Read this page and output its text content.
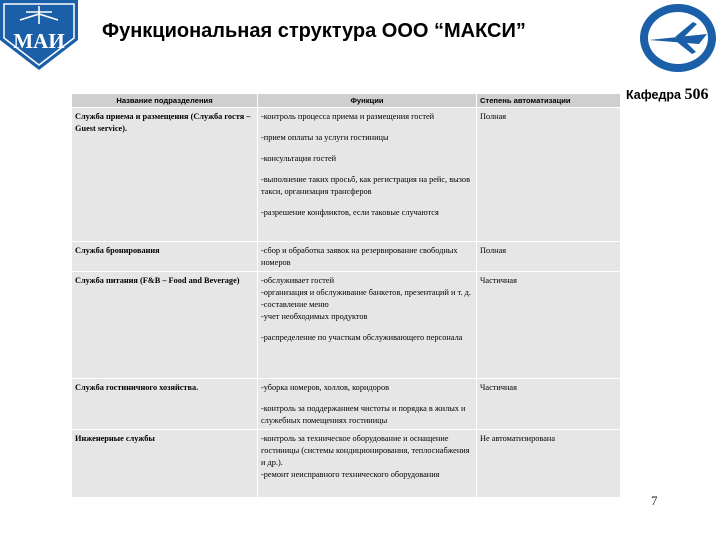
МАИ Функциональная структура ООО “МАКСИ”
Кафедра 506
Название подразделения	Функции	Степень автоматизации
Служба приема и размещения (Служба гостя – Guest service).	-контроль процесса приема и размещения гостей
-прием оплаты за услуги гостиницы
-консультация гостей
-выполнение таких просьб, как регистрация на рейс, вызов такси, организация трансферов
-разрешение конфликтов, если таковые случаются	Полная
Служба бронирования	-сбор и обработка заявок на резервирование свободных номеров	Полная
Служба питания (F&B – Food and Beverage)	-обслуживает гостей
-организация и обслуживание банкетов, презентаций и т. д.
-составление меню
-учет необходимых продуктов
-распределение по участкам обслуживающего персонала	Частичная
Служба гостиничного хозяйства.	-уборка номеров, холлов, коридоров
-контроль за поддержанием чистоты и порядка в жилых и служебных помещениях гостиницы	Частичная
Инженерные службы	-контроль за техническое оборудование и оснащение гостиницы (системы кондиционирования, теплоснабжения и др.).
-ремонт неисправного технического оборудования	Не автоматизирована
7
